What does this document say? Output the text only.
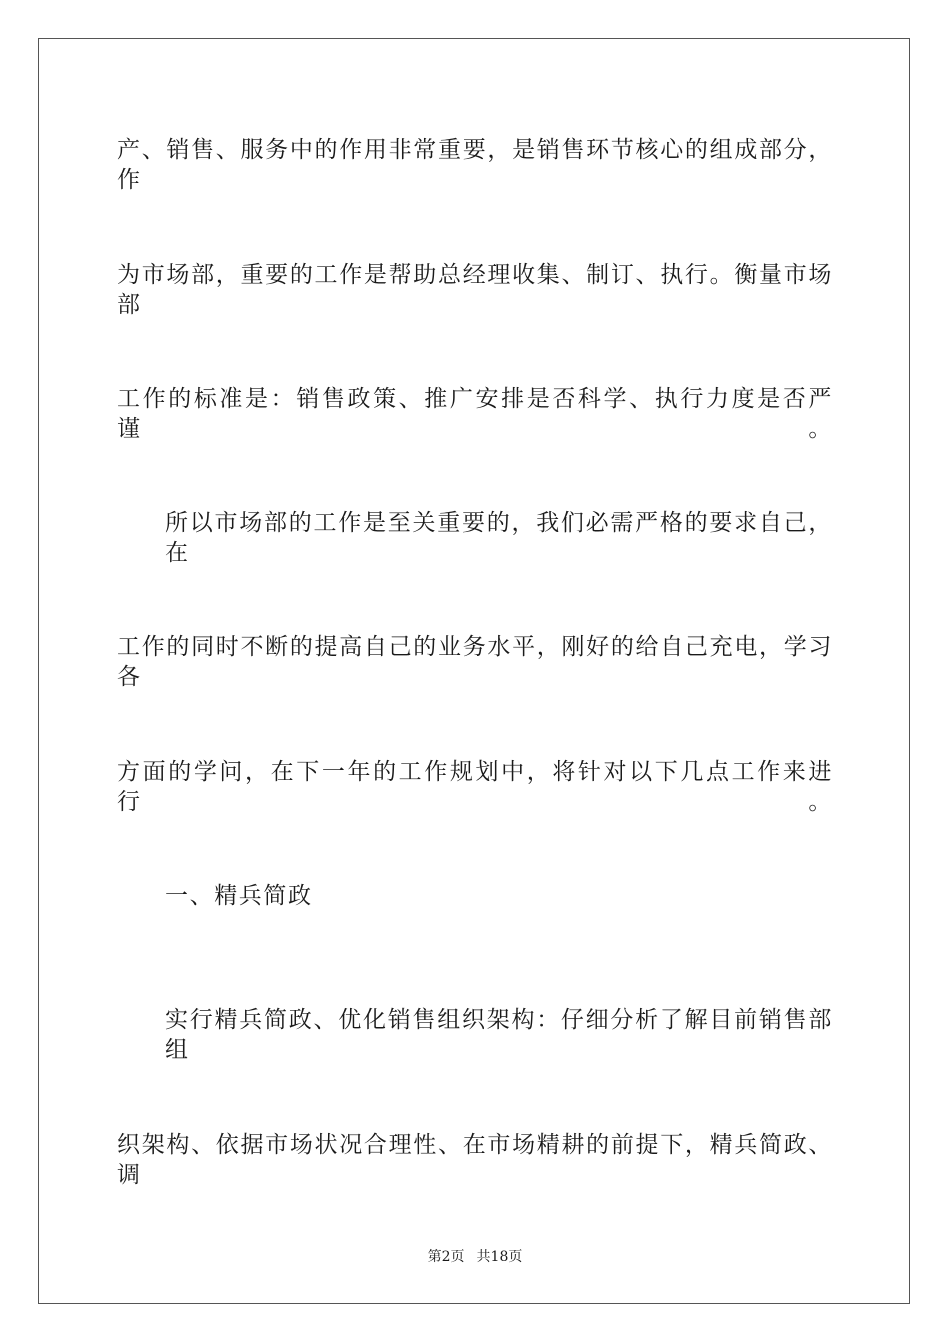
产、销售、服务中的作用非常重要，是销售环节核心的组成部分，作
为市场部，重要的工作是帮助总经理收集、制订、执行。衡量市场部
工作的标准是：销售政策、推广安排是否科学、执行力度是否严谨。
所以市场部的工作是至关重要的，我们必需严格的要求自己，在
工作的同时不断的提高自己的业务水平，刚好的给自己充电，学习各
方面的学问，在下一年的工作规划中，将针对以下几点工作来进行。
一、精兵简政
实行精兵简政、优化销售组织架构：仔细分析了解目前销售部组
织架构、依据市场状况合理性、在市场精耕的前提下，精兵简政、调
第2页 共18页
